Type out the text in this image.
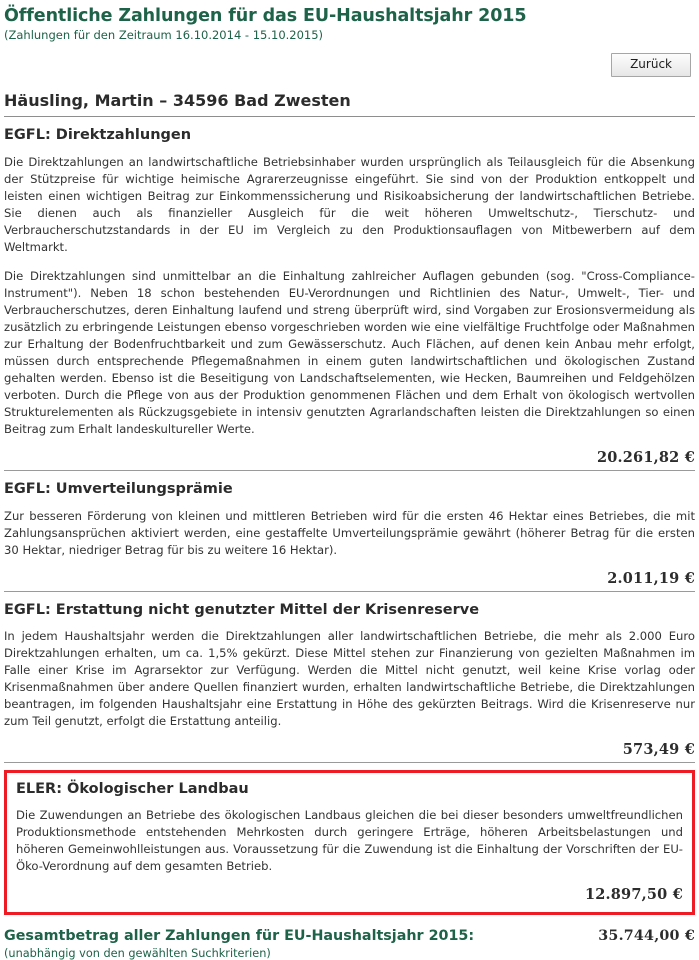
Öffentliche Zahlungen für das EU-Haushaltsjahr 2015
(Zahlungen für den Zeitraum 16.10.2014 - 15.10.2015)
Zurück
Häusling, Martin – 34596 Bad Zwesten
EGFL: Direktzahlungen

Die Direktzahlungen an landwirtschaftliche Betriebsinhaber wurden ursprünglich als Teilausgleich für die Absenkung der Stützpreise für wichtige heimische Agrarerzeugnisse eingeführt. Sie sind von der Produktion entkoppelt und leisten einen wichtigen Beitrag zur Einkommenssicherung und Risikoabsicherung der landwirtschaftlichen Betriebe. Sie dienen auch als finanzieller Ausgleich für die weit höheren Umweltschutz-, Tierschutz- und Verbraucherschutzstandards in der EU im Vergleich zu den Produktionsauflagen von Mitbewerbern auf dem Weltmarkt.

Die Direktzahlungen sind unmittelbar an die Einhaltung zahlreicher Auflagen gebunden (sog. "Cross-Compliance-Instrument"). Neben 18 schon bestehenden EU-Verordnungen und Richtlinien des Natur-, Umwelt-, Tier- und Verbraucherschutzes, deren Einhaltung laufend und streng überprüft wird, sind Vorgaben zur Erosionsvermeidung als zusätzlich zu erbringende Leistungen ebenso vorgeschrieben worden wie eine vielfältige Fruchtfolge oder Maßnahmen zur Erhaltung der Bodenfruchtbarkeit und zum Gewässerschutz. Auch Flächen, auf denen kein Anbau mehr erfolgt, müssen durch entsprechende Pflegemaßnahmen in einem guten landwirtschaftlichen und ökologischen Zustand gehalten werden. Ebenso ist die Beseitigung von Landschaftselementen, wie Hecken, Baumreihen und Feldgehölzen verboten. Durch die Pflege von aus der Produktion genommenen Flächen und dem Erhalt von ökologisch wertvollen Strukturelementen als Rückzugsgebiete in intensiv genutzten Agrarlandschaften leisten die Direktzahlungen so einen Beitrag zum Erhalt landeskultureller Werte.

20.261,82 €
EGFL: Umverteilungsprämie

Zur besseren Förderung von kleinen und mittleren Betrieben wird für die ersten 46 Hektar eines Betriebes, die mit Zahlungsansprüchen aktiviert werden, eine gestaffelte Umverteilungsprämie gewährt (höherer Betrag für die ersten 30 Hektar, niedriger Betrag für bis zu weitere 16 Hektar).

2.011,19 €
EGFL: Erstattung nicht genutzter Mittel der Krisenreserve

In jedem Haushaltsjahr werden die Direktzahlungen aller landwirtschaftlichen Betriebe, die mehr als 2.000 Euro Direktzahlungen erhalten, um ca. 1,5% gekürzt. Diese Mittel stehen zur Finanzierung von gezielten Maßnahmen im Falle einer Krise im Agrarsektor zur Verfügung. Werden die Mittel nicht genutzt, weil keine Krise vorlag oder Krisenmaßnahmen über andere Quellen finanziert wurden, erhalten landwirtschaftliche Betriebe, die Direktzahlungen beantragen, im folgenden Haushaltsjahr eine Erstattung in Höhe des gekürzten Beitrags. Wird die Krisenreserve nur zum Teil genutzt, erfolgt die Erstattung anteilig.

573,49 €
ELER: Ökologischer Landbau

Die Zuwendungen an Betriebe des ökologischen Landbaus gleichen die bei dieser besonders umweltfreundlichen Produktionsmethode entstehenden Mehrkosten durch geringere Erträge, höheren Arbeitsbelastungen und höheren Gemeinwohlleistungen aus. Voraussetzung für die Zuwendung ist die Einhaltung der Vorschriften der EU-Öko-Verordnung auf dem gesamten Betrieb.

12.897,50 €
Gesamtbetrag aller Zahlungen für EU-Haushaltsjahr 2015:	35.744,00 €
(unabhängig von den gewählten Suchkriterien)
